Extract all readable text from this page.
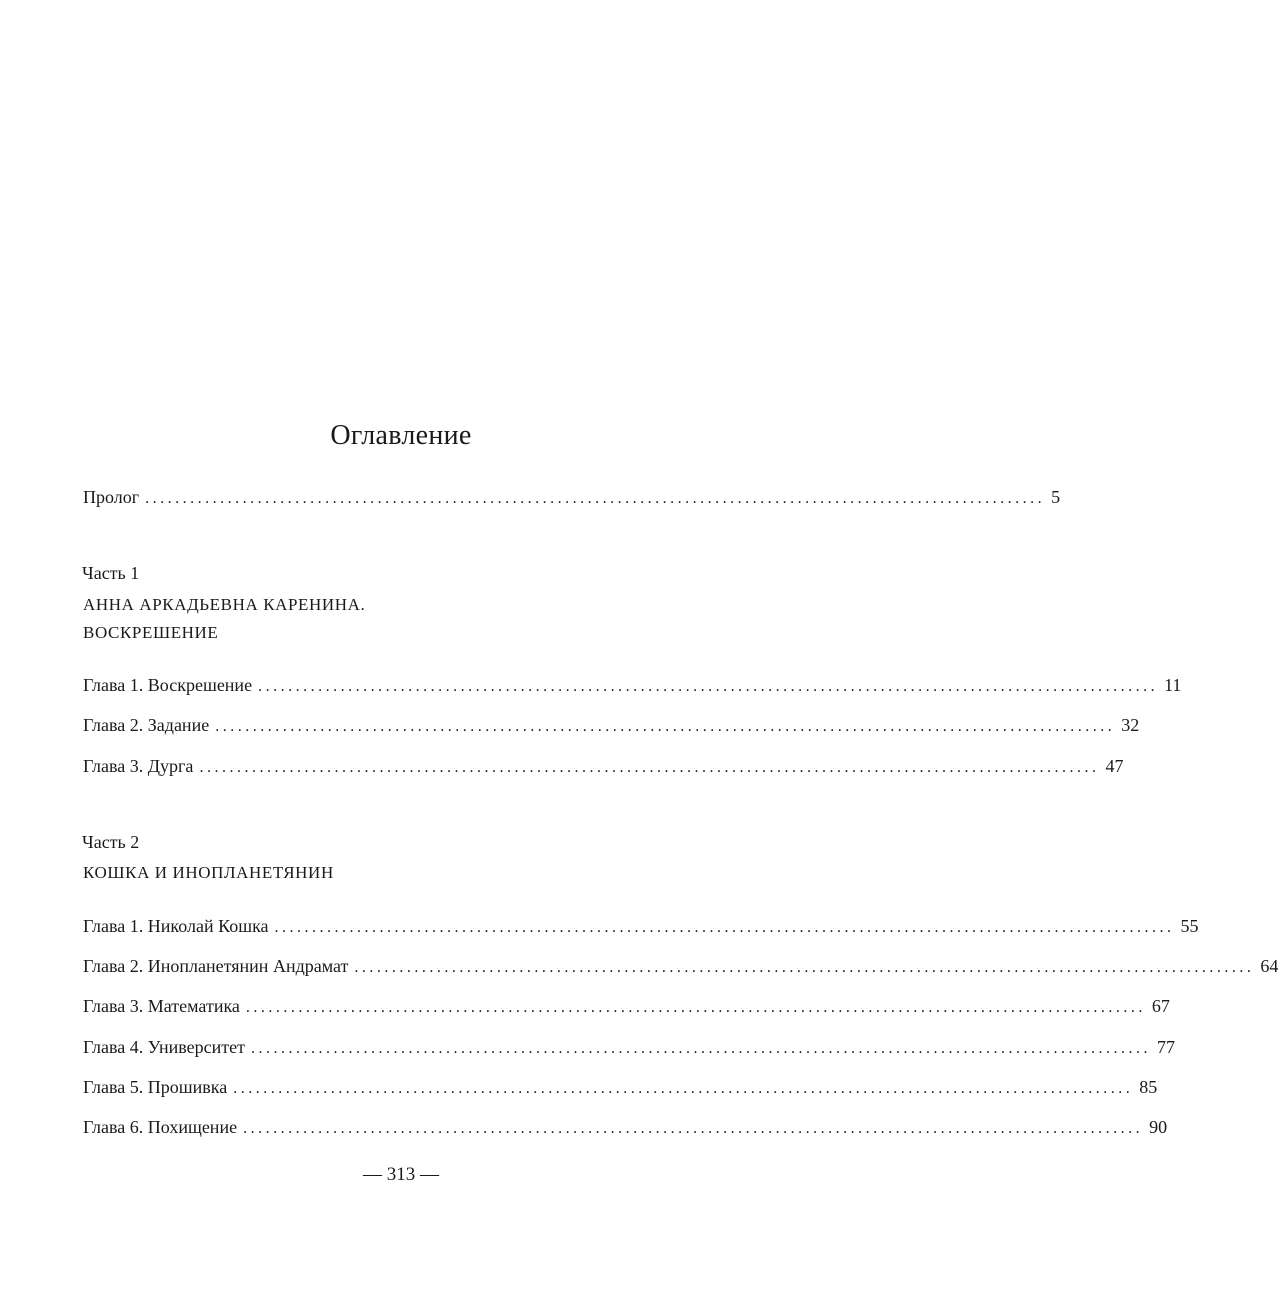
Оглавление
Пролог ........................................................................................................................ 5
Часть 1
АННА АРКАДЬЕВНА КАРЕНИНА.
ВОСКРЕШЕНИЕ
Глава 1. Воскрешение ........................................................................................................................ 11
Глава 2. Задание ........................................................................................................................ 32
Глава 3. Дурга ........................................................................................................................ 47
Часть 2
КОШКА И ИНОПЛАНЕТЯНИН
Глава 1. Николай Кошка ........................................................................................................................ 55
Глава 2. Инопланетянин Андрамат ........................................................................................................................ 64
Глава 3. Математика ........................................................................................................................ 67
Глава 4. Университет ........................................................................................................................ 77
Глава 5. Прошивка ........................................................................................................................ 85
Глава 6. Похищение ........................................................................................................................ 90
— 313 —
